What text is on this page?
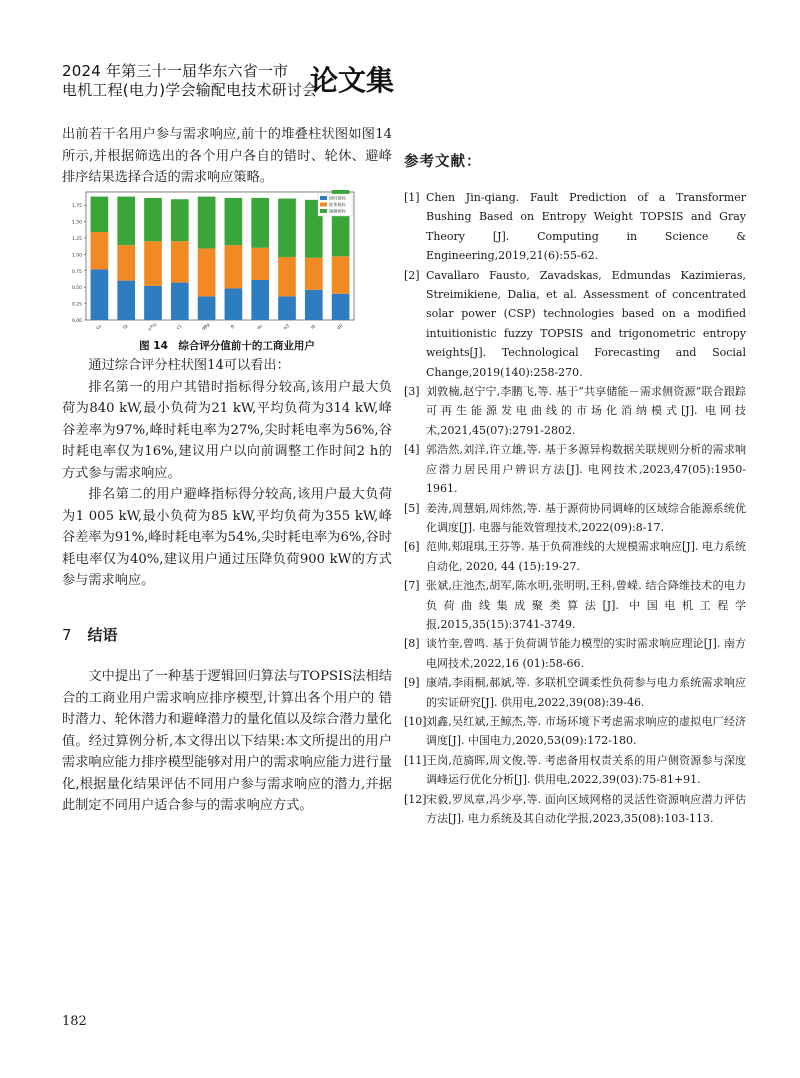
2024 年第三十一届华东六省一市
电机工程(电力)学会输配电技术研讨会
论文集

出前若干名用户参与需求响应,前十的堆叠柱状图如图14所示,并根据筛选出的各个用户各自的错时、轮休、避峰排序结果选择合适的需求响应策略。

0.00
0.25
0.50
0.75
1.00
1.25
1.50
1.75
cu	t0	u7ts	c1	d89	fl	as	a3	i0	d0
错时指标
轮休指标
避峰指标
图 14　综合评分值前十的工商业用户

通过综合评分柱状图14可以看出：

排名第一的用户其错时指标得分较高,该用户最大负荷为840 kW,最小负荷为21 kW,平均负荷为314 kW,峰谷差率为97%,峰时耗电率为27%,尖时耗电率为56%,谷时耗电率仅为16%,建议用户以向前调整工作时间2 h的方式参与需求响应。

排名第二的用户避峰指标得分较高,该用户最大负荷为1 005 kW,最小负荷为85 kW,平均负荷为355 kW,峰谷差率为91%,峰时耗电率为54%,尖时耗电率为6%,谷时耗电率仅为40%,建议用户通过压降负荷900 kW的方式参与需求响应。

7 结语

文中提出了一种基于逻辑回归算法与TOPSIS法相结合的工商业用户需求响应排序模型,计算出各个用户的 错时潜力、轮休潜力和避峰潜力的量化值以及综合潜力量化值。经过算例分析,本文得出以下结果:本文所提出的用户需求响应能力排序模型能够对用户的需求响应能力进行量化,根据量化结果评估不同用户参与需求响应的潜力,并据此制定不同用户适合参与的需求响应方式。

182
参考文献：
[1] Chen Jin-qiang. Fault Prediction of a Transformer Bushing Based on Entropy Weight TOPSIS and Gray Theory [J]. Computing in Science & Engineering,2019,21(6):55-62.
[2] Cavallaro Fausto, Zavadskas, Edmundas Kazimieras, Streimikiene, Dalia, et al. Assessment of concentrated solar power (CSP) technologies based on a modified intuitionistic fuzzy TOPSIS and trigonometric entropy weights[J]. Technological Forecasting and Social Change,2019(140):258-270.
[3] 刘敦楠,赵宁宁,李鹏飞,等. 基于“共享储能－需求侧资源”联合跟踪可再生能源发电曲线的市场化消纳模式[J]. 电网技术,2021,45(07):2791-2802.
[4] 郭浩然,刘洋,许立雄,等. 基于多源异构数据关联规则分析的需求响应潜力居民用户辨识方法[J]. 电网技术,2023,47(05):1950-1961.
[5] 姜涛,周慧娟,周炜然,等. 基于源荷协同调峰的区域综合能源系统优化调度[J]. 电器与能效管理技术,2022(09):8-17.
[6] 范帅,郏琨琪,王芬等. 基于负荷准线的大规模需求响应[J]. 电力系统自动化, 2020, 44 (15):19-27.
[7] 张斌,庄池杰,胡军,陈水明,张明明,王科,曾嵘. 结合降维技术的电力负荷曲线集成聚类算法[J]. 中国电机工程学报,2015,35(15):3741-3749.
[8] 谈竹奎,曾鸣. 基于负荷调节能力模型的实时需求响应理论[J]. 南方电网技术,2022,16 (01):58-66.
[9] 康靖,李雨桐,郝斌,等. 多联机空调柔性负荷参与电力系统需求响应的实证研究[J]. 供用电,2022,39(08):39-46.
[10] 刘鑫,吴红斌,王鲸杰,等. 市场环境下考虑需求响应的虚拟电厂经济调度[J]. 中国电力,2020,53(09):172-180.
[11] 王岗,范旖晖,周文俊,等. 考虑备用权责关系的用户侧资源参与深度调峰运行优化分析[J]. 供用电,2022,39(03):75-81+91.
[12] 宋毅,罗凤章,冯少亭,等. 面向区域网格的灵活性资源响应潜力评估方法[J]. 电力系统及其自动化学报,2023,35(08):103-113.
